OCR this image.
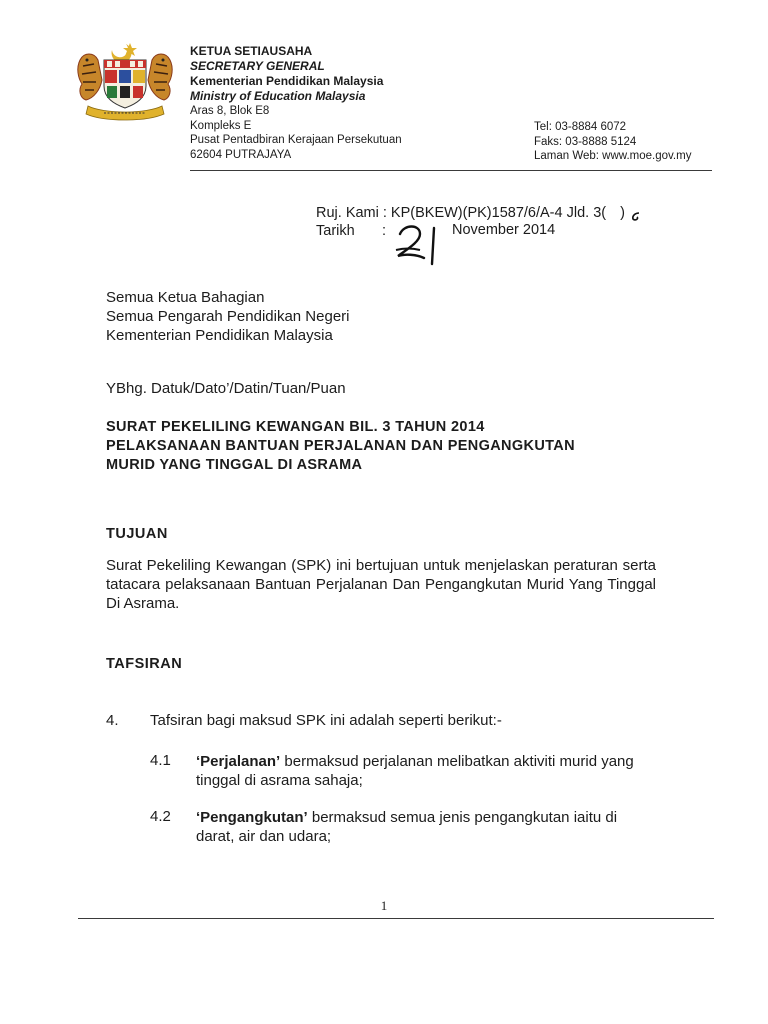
KETUA SETIAUSAHA
SECRETARY GENERAL
Kementerian Pendidikan Malaysia
Ministry of Education Malaysia
Aras 8, Blok E8
Kompleks E
Pusat Pentadbiran Kerajaan Persekutuan
62604 PUTRAJAYA
Tel: 03-8884 6072
Faks: 03-8888 5124
Laman Web: www.moe.gov.my
Ruj. Kami : KP(BKEW)(PK)1587/6/A-4 Jld. 3( )
Tarikh	:	November 2014
Semua Ketua Bahagian
Semua Pengarah Pendidikan Negeri
Kementerian Pendidikan Malaysia
YBhg. Datuk/Dato’/Datin/Tuan/Puan
SURAT PEKELILING KEWANGAN BIL. 3 TAHUN 2014
PELAKSANAAN BANTUAN PERJALANAN DAN PENGANGKUTAN
MURID YANG TINGGAL DI ASRAMA
TUJUAN
Surat Pekeliling Kewangan (SPK) ini bertujuan untuk menjelaskan peraturan serta tatacara pelaksanaan Bantuan Perjalanan Dan Pengangkutan Murid Yang Tinggal Di Asrama.
TAFSIRAN
4. Tafsiran bagi maksud SPK ini adalah seperti berikut:-
4.1 ‘Perjalanan’ bermaksud perjalanan melibatkan aktiviti murid yang tinggal di asrama sahaja;
4.2 ‘Pengangkutan’ bermaksud semua jenis pengangkutan iaitu di darat, air dan udara;
1
